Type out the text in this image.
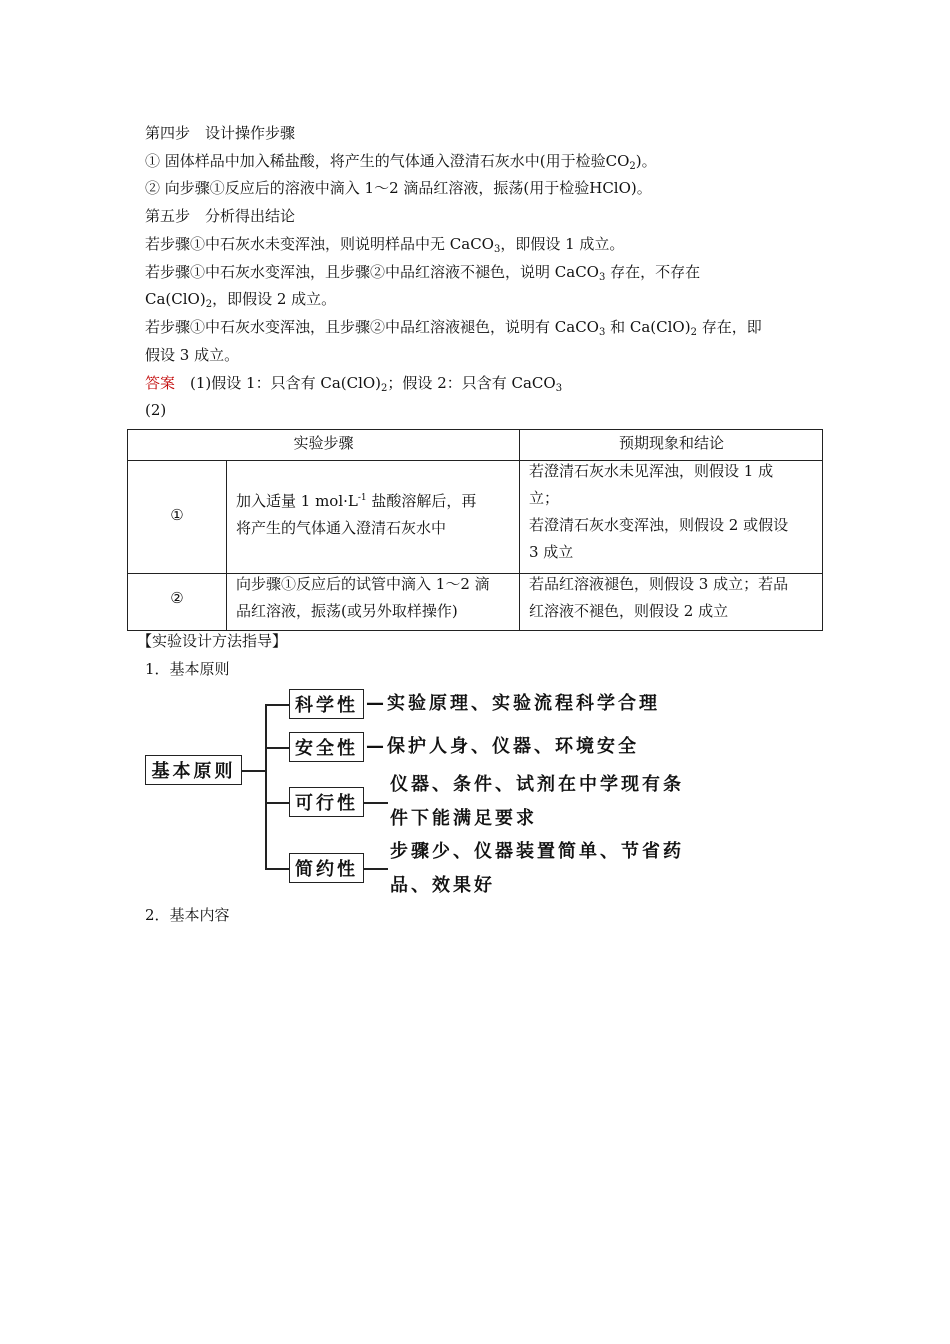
第四步　设计操作步骤
① 固体样品中加入稀盐酸，将产生的气体通入澄清石灰水中(用于检验$CO_2$)。
② 向步骤①反应后的溶液中滴入 1～2 滴品红溶液，振荡(用于检验HClO)。
第五步　分析得出结论
若步骤①中石灰水未变浑浊，则说明样品中无 CaCO$_3$，即假设 1 成立。
若步骤①中石灰水变浑浊，且步骤②中品红溶液不褪色，说明 CaCO$_3$ 存在，不存在
$Ca(ClO)_2$，即假设 2 成立。
若步骤①中石灰水变浑浊，且步骤②中品红溶液褪色，说明有 CaCO$_3$ 和 $Ca(ClO)_2$ 存在，即
假设 3 成立。
答案　(1)假设 1：只含有 $Ca(ClO)_2$；假设 2：只含有 CaCO$_3$
(2)
实验步骤	预期现象和结论
①
加入适量 1 $mol\cdot L^{-1}$ 盐酸溶解后，再
将产生的气体通入澄清石灰水中
若澄清石灰水未见浑浊，则假设 1 成
立；
若澄清石灰水变浑浊，则假设 2 或假设
3 成立
②
向步骤①反应后的试管中滴入 1～2 滴
品红溶液，振荡(或另外取样操作)
若品红溶液褪色，则假设 3 成立；若品
红溶液不褪色，则假设 2 成立
【实验设计方法指导】
1．基本原则
基本原则
科学性 —实验原理、实验流程科学合理
安全性 —保护人身、仪器、环境安全
可行性
仪器、条件、试剂在中学现有条
件下能满足要求
简约性
步骤少、仪器装置简单、节省药
品、效果好
2．基本内容
